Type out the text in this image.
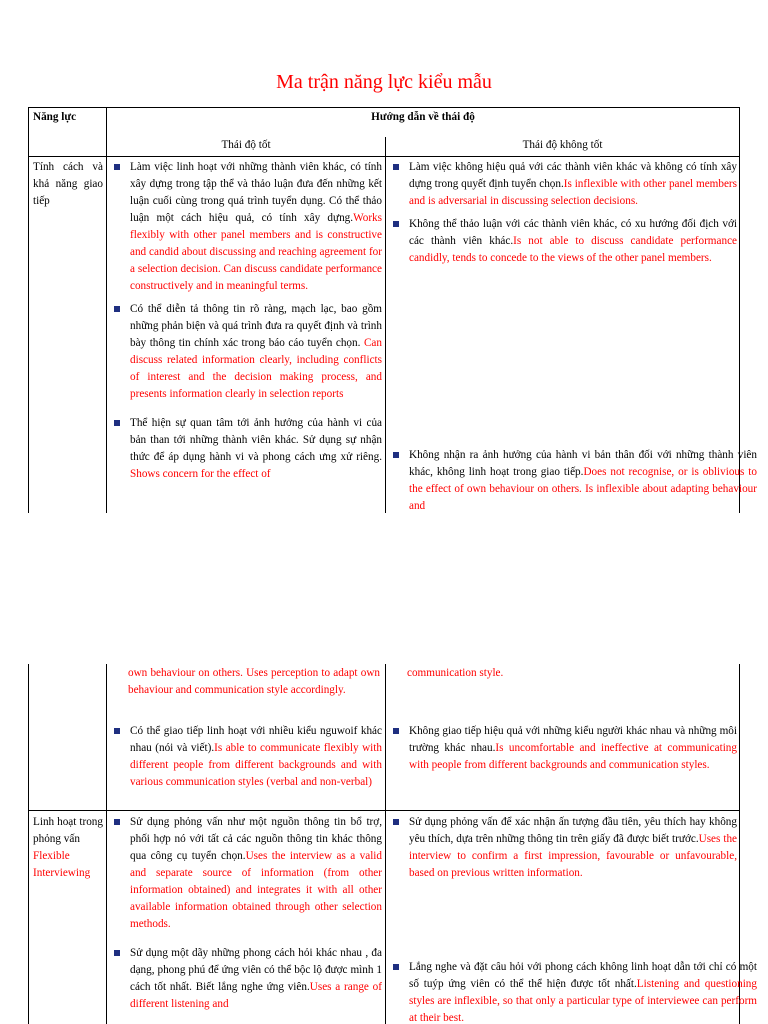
Ma trận năng lực kiểu mẫu
Năng lực	Hướng dẫn về thái độ
Thái độ tốt	Thái độ không tốt
Tính cách và khả năng giao tiếp
Làm việc linh hoạt với những thành viên khác, có tính xây dựng trong tập thể và thảo luận đưa đến những kết luận cuối cùng trong quá trình tuyển dụng. Có thể thảo luận một cách hiệu quả, có tính xây dựng.Works flexibly with other panel members and is constructive and candid about discussing and reaching agreement for a selection decision. Can discuss candidate performance constructively and in meaningful terms.
Có thể diễn tả thông tin rõ ràng, mạch lạc, bao gồm những phản biện và quá trình đưa ra quyết định và trình bày thông tin chính xác trong báo cáo tuyển chọn. Can discuss related information clearly, including conflicts of interest and the decision making process, and presents information clearly in selection reports
Thể hiện sự quan tâm tới ảnh hưởng của hành vi của bản than tới những thành viên khác. Sử dụng sự nhận thức để áp dụng hành vi và phong cách ưng xử riêng. Shows concern for the effect of
Làm việc không hiệu quả với các thành viên khác và không có tính xây dựng trong quyết định tuyển chọn.Is inflexible with other panel members and is adversarial in discussing selection decisions.
Không thể thảo luận với các thành viên khác, có xu hướng đối địch với các thành viên khác.Is not able to discuss candidate performance candidly, tends to concede to the views of the other panel members.
Không nhận ra ảnh hưởng của hành vi bản thân đối với những thành viên khác, không linh hoạt trong giao tiếp.Does not recognise, or is oblivious to the effect of own behaviour on others. Is inflexible about adapting behaviour and
own behaviour on others. Uses perception to adapt own behaviour and communication style accordingly.
communication style.
Có thể giao tiếp linh hoạt với nhiều kiểu nguwoif khác nhau (nói và viết).Is able to communicate flexibly with different people from different backgrounds and with various communication styles (verbal and non-verbal)
Không giao tiếp hiệu quả với những kiểu người khác nhau và những môi trường khác nhau.Is uncomfortable and ineffective at communicating with people from different backgrounds and communication styles.
Linh hoạt trong phỏng vấn
Flexible Interviewing
Sử dụng phỏng vấn như một nguồn thông tin bổ trợ, phối hợp nó với tất cả các nguồn thông tin khác thông qua công cụ tuyển chọn.Uses the interview as a valid and separate source of information (from other information obtained) and integrates it with all other available information obtained through other selection methods.
Sử dụng một dãy những phong cách hỏi khác nhau , đa dạng, phong phú để ứng viên có thể bộc lộ được mình 1 cách tốt nhất. Biết lắng nghe ứng viên.Uses a range of different listening and
Sử dụng phỏng vấn để xác nhận ấn tượng đầu tiên, yêu thích hay không yêu thích, dựa trên những thông tin trên giấy đã được biết trước.Uses the interview to confirm a first impression, favourable or unfavourable, based on previous written information.
Lắng nghe và đặt câu hỏi với phong cách không linh hoạt dẫn tới chỉ có một số tuýp ứng viên có thể thể hiện được tốt nhất.Listening and questioning styles are inflexible, so that only a particular type of interviewee can perform at their best.
